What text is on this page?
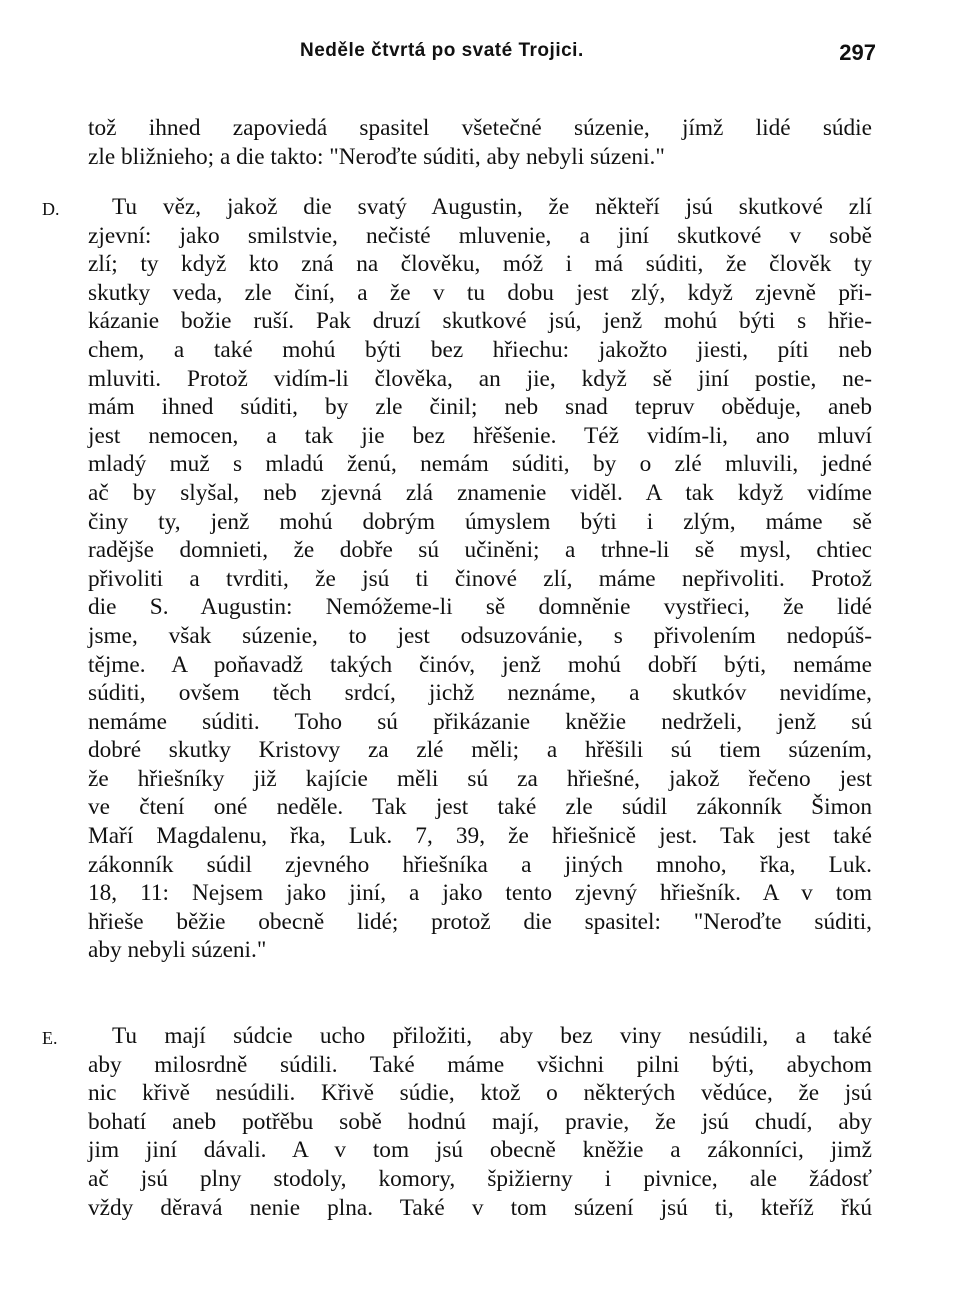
Neděle čtvrtá po svaté Trojici.	297
tož ihned zapoviedá spasitel všetečné súzenie, jímž lidé súdie
zle bližnieho; a die takto: "Neroďte súditi, aby nebyli súzeni."
D.	Tu věz, jakož die svatý Augustin, že někteří jsú skutkové zlí
zjevní: jako smilstvie, nečisté mluvenie, a jiní skutkové v sobě
zlí; ty když kto zná na člověku, móž i má súditi, že člověk ty
skutky veda, zle činí, a že v tu dobu jest zlý, když zjevně při-
kázanie božie ruší. Pak druzí skutkové jsú, jenž mohú býti s hřie-
chem, a také mohú býti bez hřiechu: jakožto jiesti, píti neb
mluviti. Protož vidím-li člověka, an jie, když sě jiní postie, ne-
mám ihned súditi, by zle činil; neb snad tepruv oběduje, aneb
jest nemocen, a tak jie bez hřěšenie. Též vidím-li, ano mluví
mladý muž s mladú ženú, nemám súditi, by o zlé mluvili, jedné
ač by slyšal, neb zjevná zlá znamenie viděl. A tak když vidíme
činy ty, jenž mohú dobrým úmyslem býti i zlým, máme sě
radějše domnieti, že dobře sú učiněni; a trhne-li sě mysl, chtiec
přivoliti a tvrditi, že jsú ti činové zlí, máme nepřivoliti. Protož
die S. Augustin: Nemóžeme-li sě domněnie vystřieci, že lidé
jsme, však súzenie, to jest odsuzovánie, s přivolením nedopúš-
tějme. A poňavadž takých činóv, jenž mohú dobří býti, nemáme
súditi, ovšem těch srdcí, jichž neznáme, a skutkóv nevidíme,
nemáme súditi. Toho sú přikázanie kněžie nedrželi, jenž sú
dobré skutky Kristovy za zlé měli; a hřěšili sú tiem súzením,
že hřiešníky již kajície měli sú za hřiešné, jakož řečeno jest
ve čtení oné neděle. Tak jest také zle súdil zákonník Šimon
Maří Magdalenu, řka, Luk. 7, 39, že hřiešnicě jest. Tak jest také
zákonník súdil zjevného hřiešníka a jiných mnoho, řka, Luk.
18, 11: Nejsem jako jiní, a jako tento zjevný hřiešník. A v tom
hřieše běžie obecně lidé; protož die spasitel: "Neroďte súditi,
aby nebyli súzeni."
E.	Tu mají súdcie ucho přiložiti, aby bez viny nesúdili, a také
aby milosrdně súdili. Také máme všichni pilni býti, abychom
nic křivě nesúdili. Křivě súdie, ktož o některých vědúce, že jsú
bohatí aneb potřěbu sobě hodnú mají, pravie, že jsú chudí, aby
jim jiní dávali. A v tom jsú obecně kněžie a zákonníci, jimž
ač jsú plny stodoly, komory, špižierny i pivnice, ale žádosť
vždy děravá nenie plna. Také v tom súzení jsú ti, kteříž řkú
